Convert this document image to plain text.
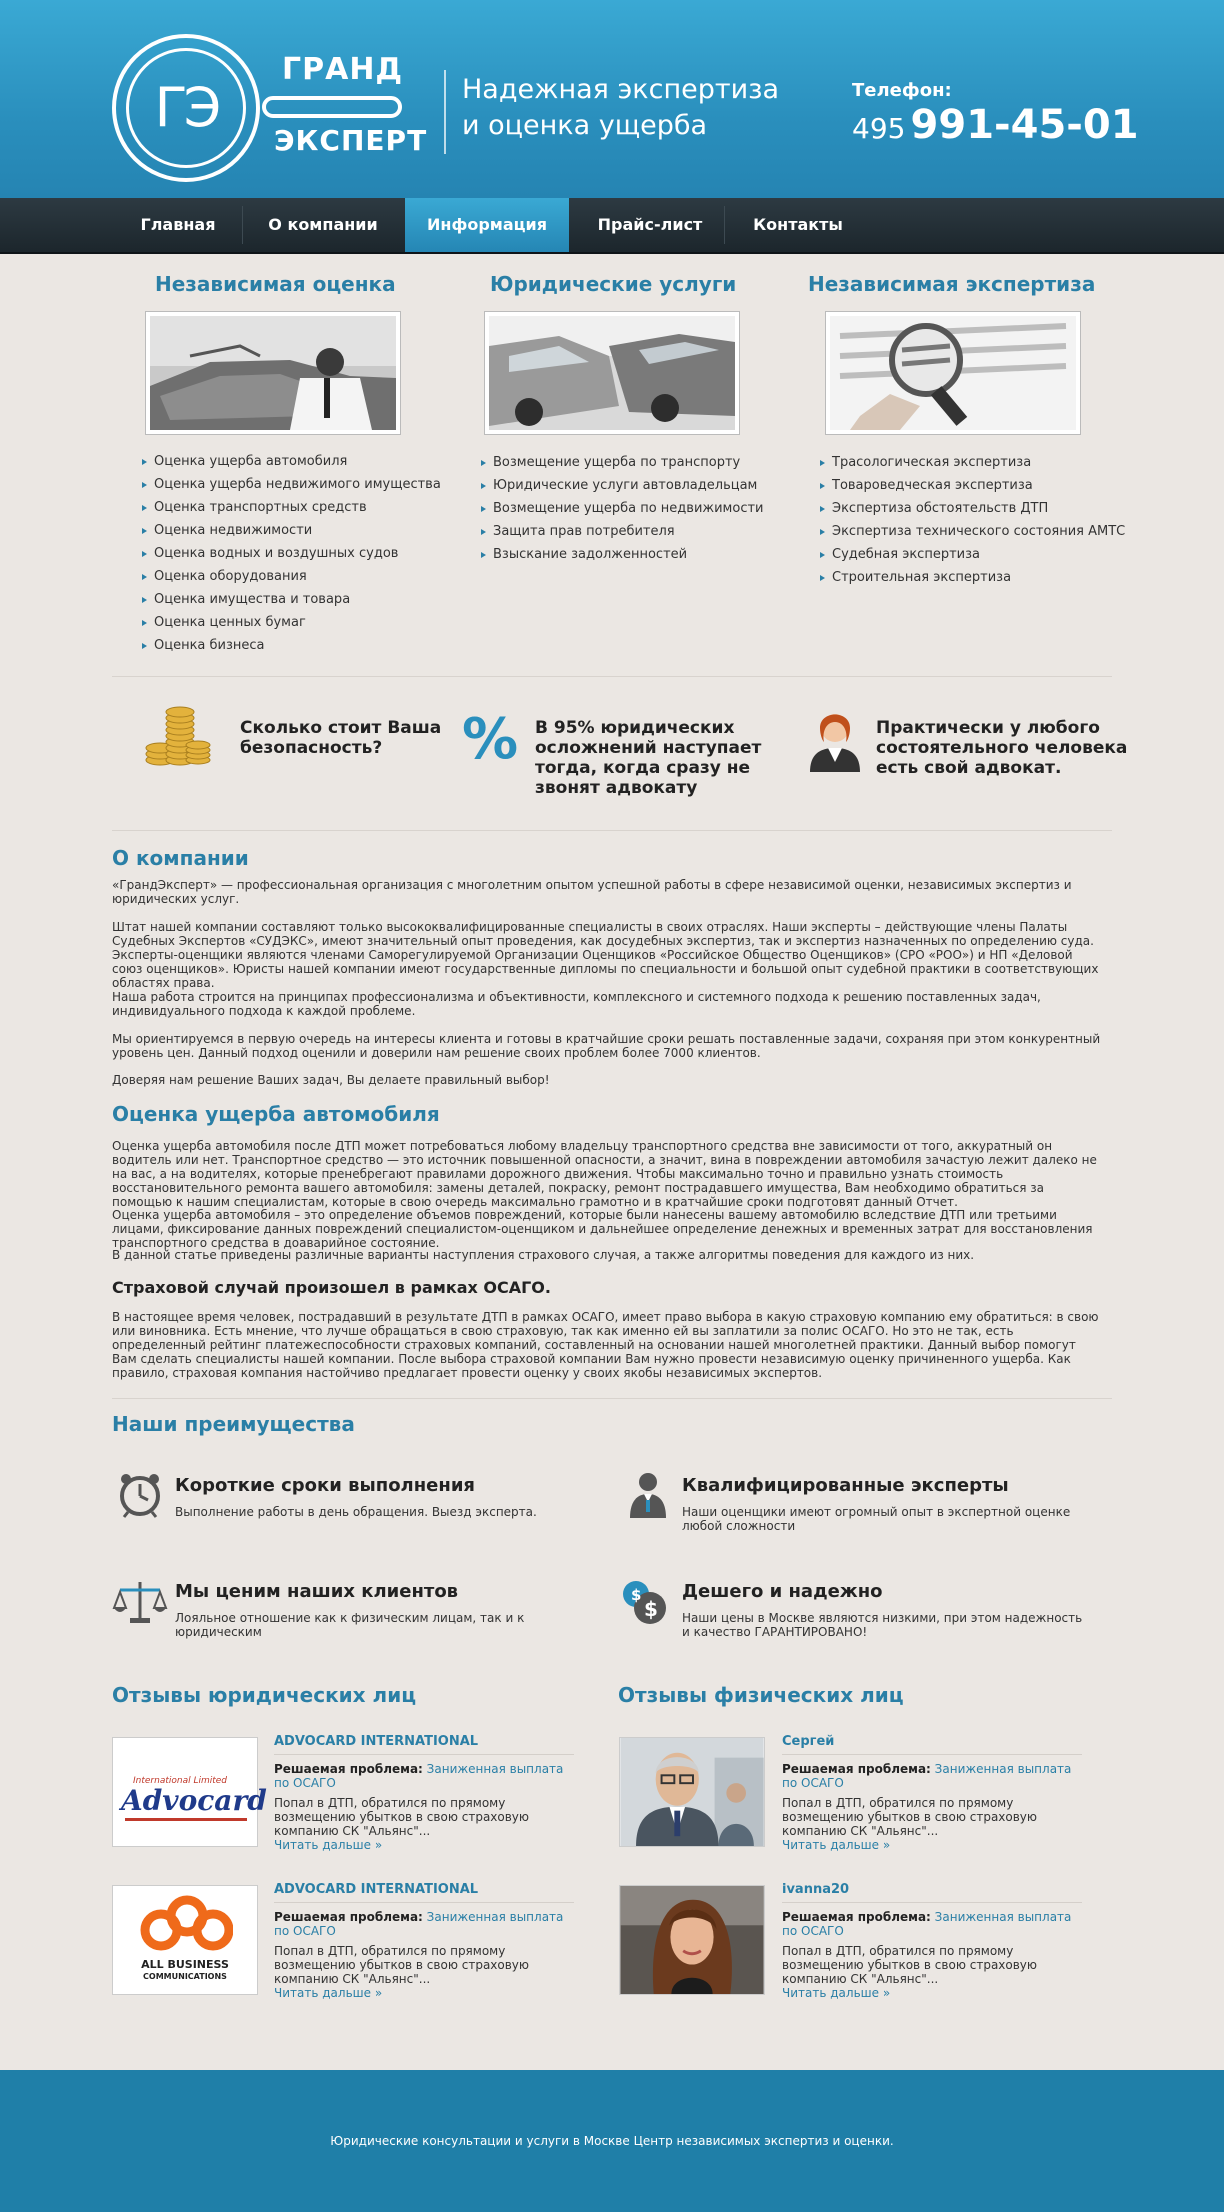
ГЭ
ГРАНД
ЭКСПЕРТ
Надежная экспертиза
и оценка ущерба
Телефон:
495 991-45-01
Главная	О компании	Информация	Прайс-лист	Контакты
Независимая оценка
Оценка ущерба автомобиля
Оценка ущерба недвижимого имущества
Оценка транспортных средств
Оценка недвижимости
Оценка водных и воздушных судов
Оценка оборудования
Оценка имущества и товара
Оценка ценных бумаг
Оценка бизнеса
Юридические услуги
Возмещение ущерба по транспорту
Юридические услуги автовладельцам
Возмещение ущерба по недвижимости
Защита прав потребителя
Взыскание задолженностей
Независимая экспертиза
Трасологическая экспертиза
Товароведческая экспертиза
Экспертиза обстоятельств ДТП
Экспертиза технического состояния АМТС
Судебная экспертиза
Строительная экспертиза
Сколько стоит Ваша
безопасность?	% В 95% юридических
осложнений наступает
тогда, когда сразу не
звонят адвокату
Практически у любого
состоятельного человека
есть свой адвокат.
О компании
«ГрандЭксперт» — профессиональная организация с многолетним опытом успешной работы в сфере независимой оценки, независимых экспертиз и юридических услуг.
Штат нашей компании составляют только высококвалифицированные специалисты в своих отраслях. Наши эксперты – действующие члены Палаты Судебных Экспертов «СУДЭКС», имеют значительный опыт проведения, как досудебных экспертиз, так и экспертиз назначенных по определению суда. Эксперты-оценщики являются членами Саморегулируемой Организации Оценщиков «Российское Общество Оценщиков» (СРО «РОО») и НП «Деловой союз оценщиков». Юристы нашей компании имеют государственные дипломы по специальности и большой опыт судебной практики в соответствующих областях права.
Наша работа строится на принципах профессионализма и объективности, комплексного и системного подхода к решению поставленных задач, индивидуального подхода к каждой проблеме.
Мы ориентируемся в первую очередь на интересы клиента и готовы в кратчайшие сроки решать поставленные задачи, сохраняя при этом конкурентный уровень цен. Данный подход оценили и доверили нам решение своих проблем более 7000 клиентов.
Доверяя нам решение Ваших задач, Вы делаете правильный выбор!
Оценка ущерба автомобиля
Оценка ущерба автомобиля после ДТП может потребоваться любому владельцу транспортного средства вне зависимости от того, аккуратный он водитель или нет. Транспортное средство — это источник повышенной опасности, а значит, вина в повреждении автомобиля зачастую лежит далеко не на вас, а на водителях, которые пренебрегают правилами дорожного движения. Чтобы максимально точно и правильно узнать стоимость восстановительного ремонта вашего автомобиля: замены деталей, покраску, ремонт пострадавшего имущества, Вам необходимо обратиться за помощью к нашим специалистам, которые в свою очередь максимально грамотно и в кратчайшие сроки подготовят данный Отчет.
Оценка ущерба автомобиля – это определение объемов повреждений, которые были нанесены вашему автомобилю вследствие ДТП или третьими лицами, фиксирование данных повреждений специалистом-оценщиком и дальнейшее определение денежных и временных затрат для восстановления транспортного средства в доаварийное состояние.
В данной статье приведены различные варианты наступления страхового случая, а также алгоритмы поведения для каждого из них.
Страховой случай произошел в рамках ОСАГО.
В настоящее время человек, пострадавший в результате ДТП в рамках ОСАГО, имеет право выбора в какую страховую компанию ему обратиться: в свою или виновника. Есть мнение, что лучше обращаться в свою страховую, так как именно ей вы заплатили за полис ОСАГО. Но это не так, есть определенный рейтинг платежеспособности страховых компаний, составленный на основании нашей многолетней практики. Данный выбор помогут Вам сделать специалисты нашей компании. После выбора страховой компании Вам нужно провести независимую оценку причиненного ущерба. Как правило, страховая компания настойчиво предлагает провести оценку у своих якобы независимых экспертов.
Наши преимущества
Короткие сроки выполнения
Выполнение работы в день обращения. Выезд эксперта.
Квалифицированные эксперты
Наши оценщики имеют огромный опыт в экспертной оценке
любой сложности
Мы ценим наших клиентов
Лояльное отношение как к физическим лицам, так и к
юридическим
$
$
Дешего и надежно
Наши цены в Москве являются низкими, при этом надежность
и качество ГАРАНТИРОВАНО!
Отзывы юридических лиц
International Limited
Advocard
ADVOCARD INTERNATIONAL
Решаемая проблема: Заниженная выплата по ОСАГО
Попал в ДТП, обратился по прямому возмещению убытков в свою страховую компанию СК "Альянс"...
Читать дальше »
ALL BUSINESS
COMMUNICATIONS
ADVOCARD INTERNATIONAL
Решаемая проблема: Заниженная выплата по ОСАГО
Попал в ДТП, обратился по прямому возмещению убытков в свою страховую компанию СК "Альянс"...
Читать дальше »
Отзывы физических лиц
Сергей
Решаемая проблема: Заниженная выплата по ОСАГО
Попал в ДТП, обратился по прямому возмещению убытков в свою страховую компанию СК "Альянс"...
Читать дальше »
ivanna20
Решаемая проблема: Заниженная выплата по ОСАГО
Попал в ДТП, обратился по прямому возмещению убытков в свою страховую компанию СК "Альянс"...
Читать дальше »
Юридические консультации и услуги в Москве Центр независимых экспертиз и оценки.
